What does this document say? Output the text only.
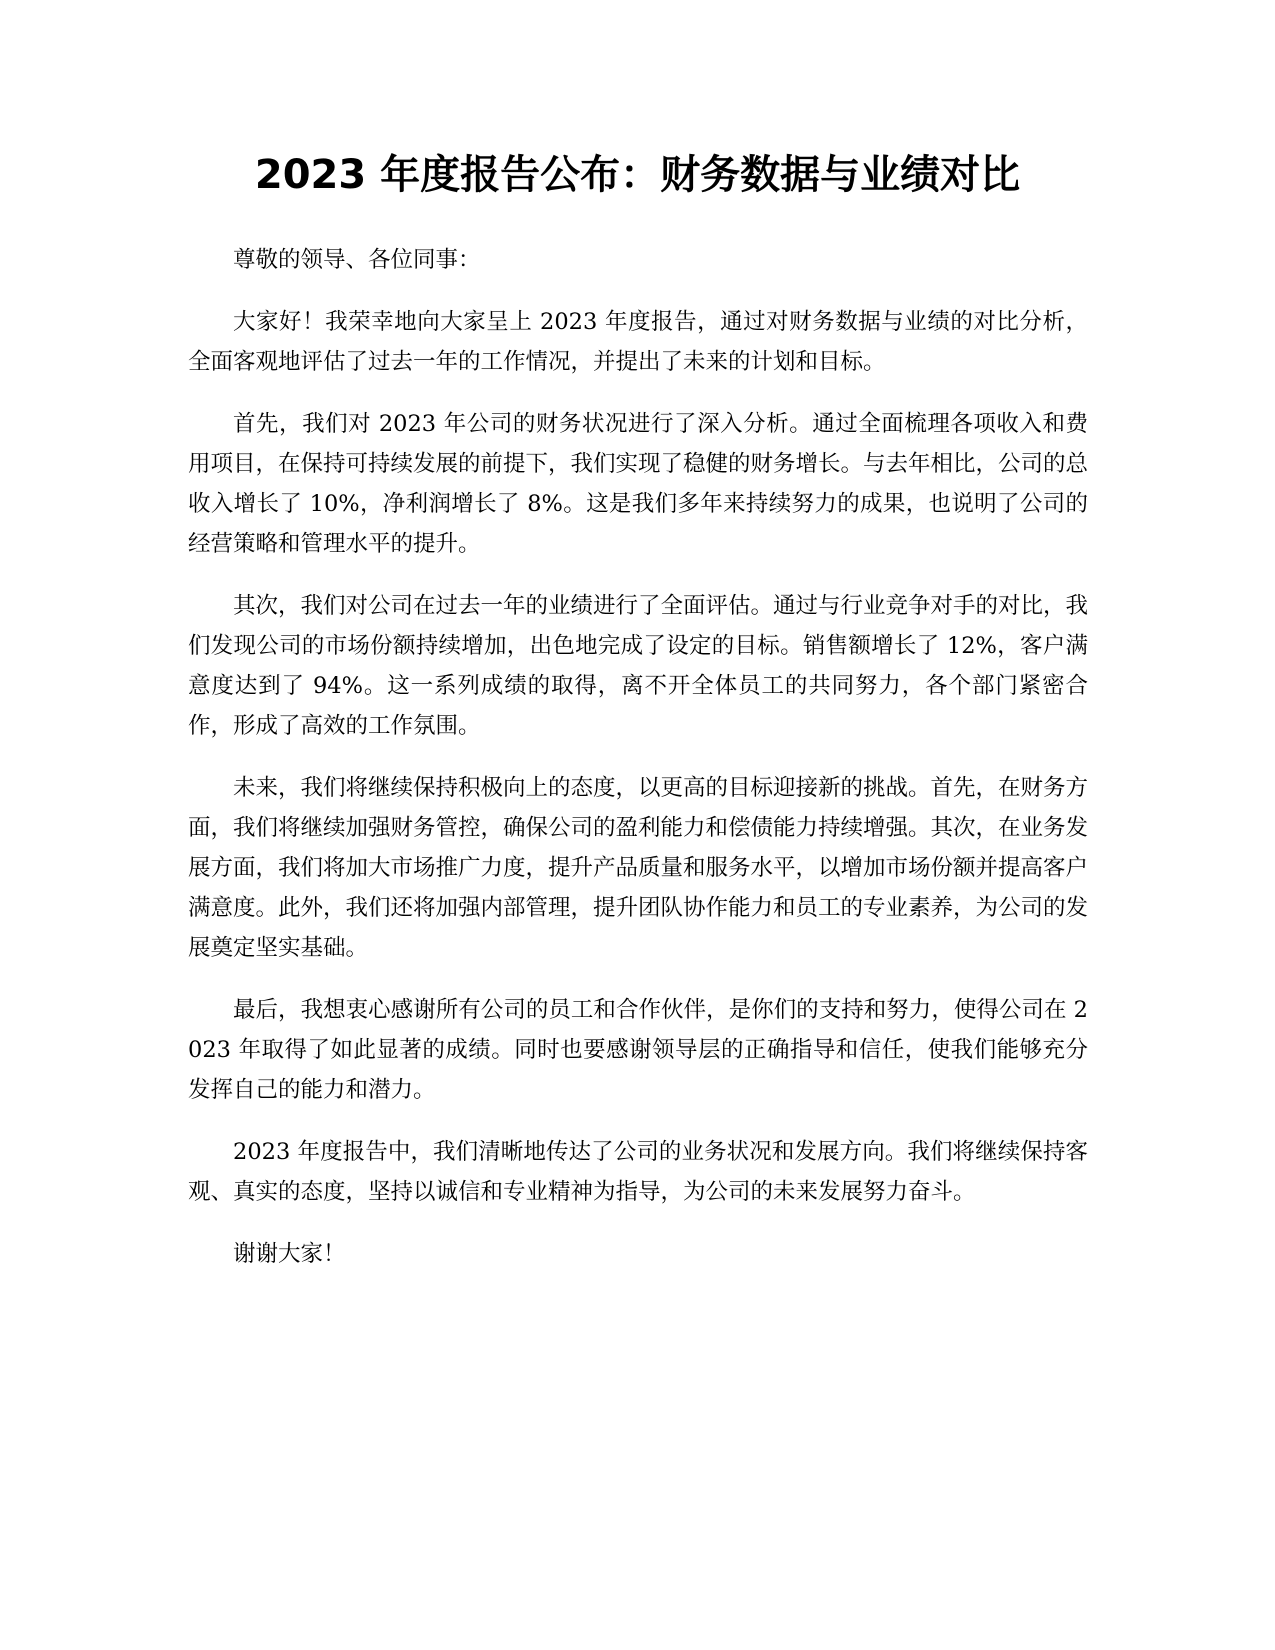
2023 年度报告公布：财务数据与业绩对比

尊敬的领导、各位同事：

大家好！我荣幸地向大家呈上 2023 年度报告，通过对财务数据与业绩的对比分析，全面客观地评估了过去一年的工作情况，并提出了未来的计划和目标。

首先，我们对 2023 年公司的财务状况进行了深入分析。通过全面梳理各项收入和费用项目，在保持可持续发展的前提下，我们实现了稳健的财务增长。与去年相比，公司的总收入增长了 10%，净利润增长了 8%。这是我们多年来持续努力的成果，也说明了公司的经营策略和管理水平的提升。

其次，我们对公司在过去一年的业绩进行了全面评估。通过与行业竞争对手的对比，我们发现公司的市场份额持续增加，出色地完成了设定的目标。销售额增长了 12%，客户满意度达到了 94%。这一系列成绩的取得，离不开全体员工的共同努力，各个部门紧密合作，形成了高效的工作氛围。

未来，我们将继续保持积极向上的态度，以更高的目标迎接新的挑战。首先，在财务方面，我们将继续加强财务管控，确保公司的盈利能力和偿债能力持续增强。其次，在业务发展方面，我们将加大市场推广力度，提升产品质量和服务水平，以增加市场份额并提高客户满意度。此外，我们还将加强内部管理，提升团队协作能力和员工的专业素养，为公司的发展奠定坚实基础。

最后，我想衷心感谢所有公司的员工和合作伙伴，是你们的支持和努力，使得公司在 2023 年取得了如此显著的成绩。同时也要感谢领导层的正确指导和信任，使我们能够充分发挥自己的能力和潜力。

2023 年度报告中，我们清晰地传达了公司的业务状况和发展方向。我们将继续保持客观、真实的态度，坚持以诚信和专业精神为指导，为公司的未来发展努力奋斗。

谢谢大家！
